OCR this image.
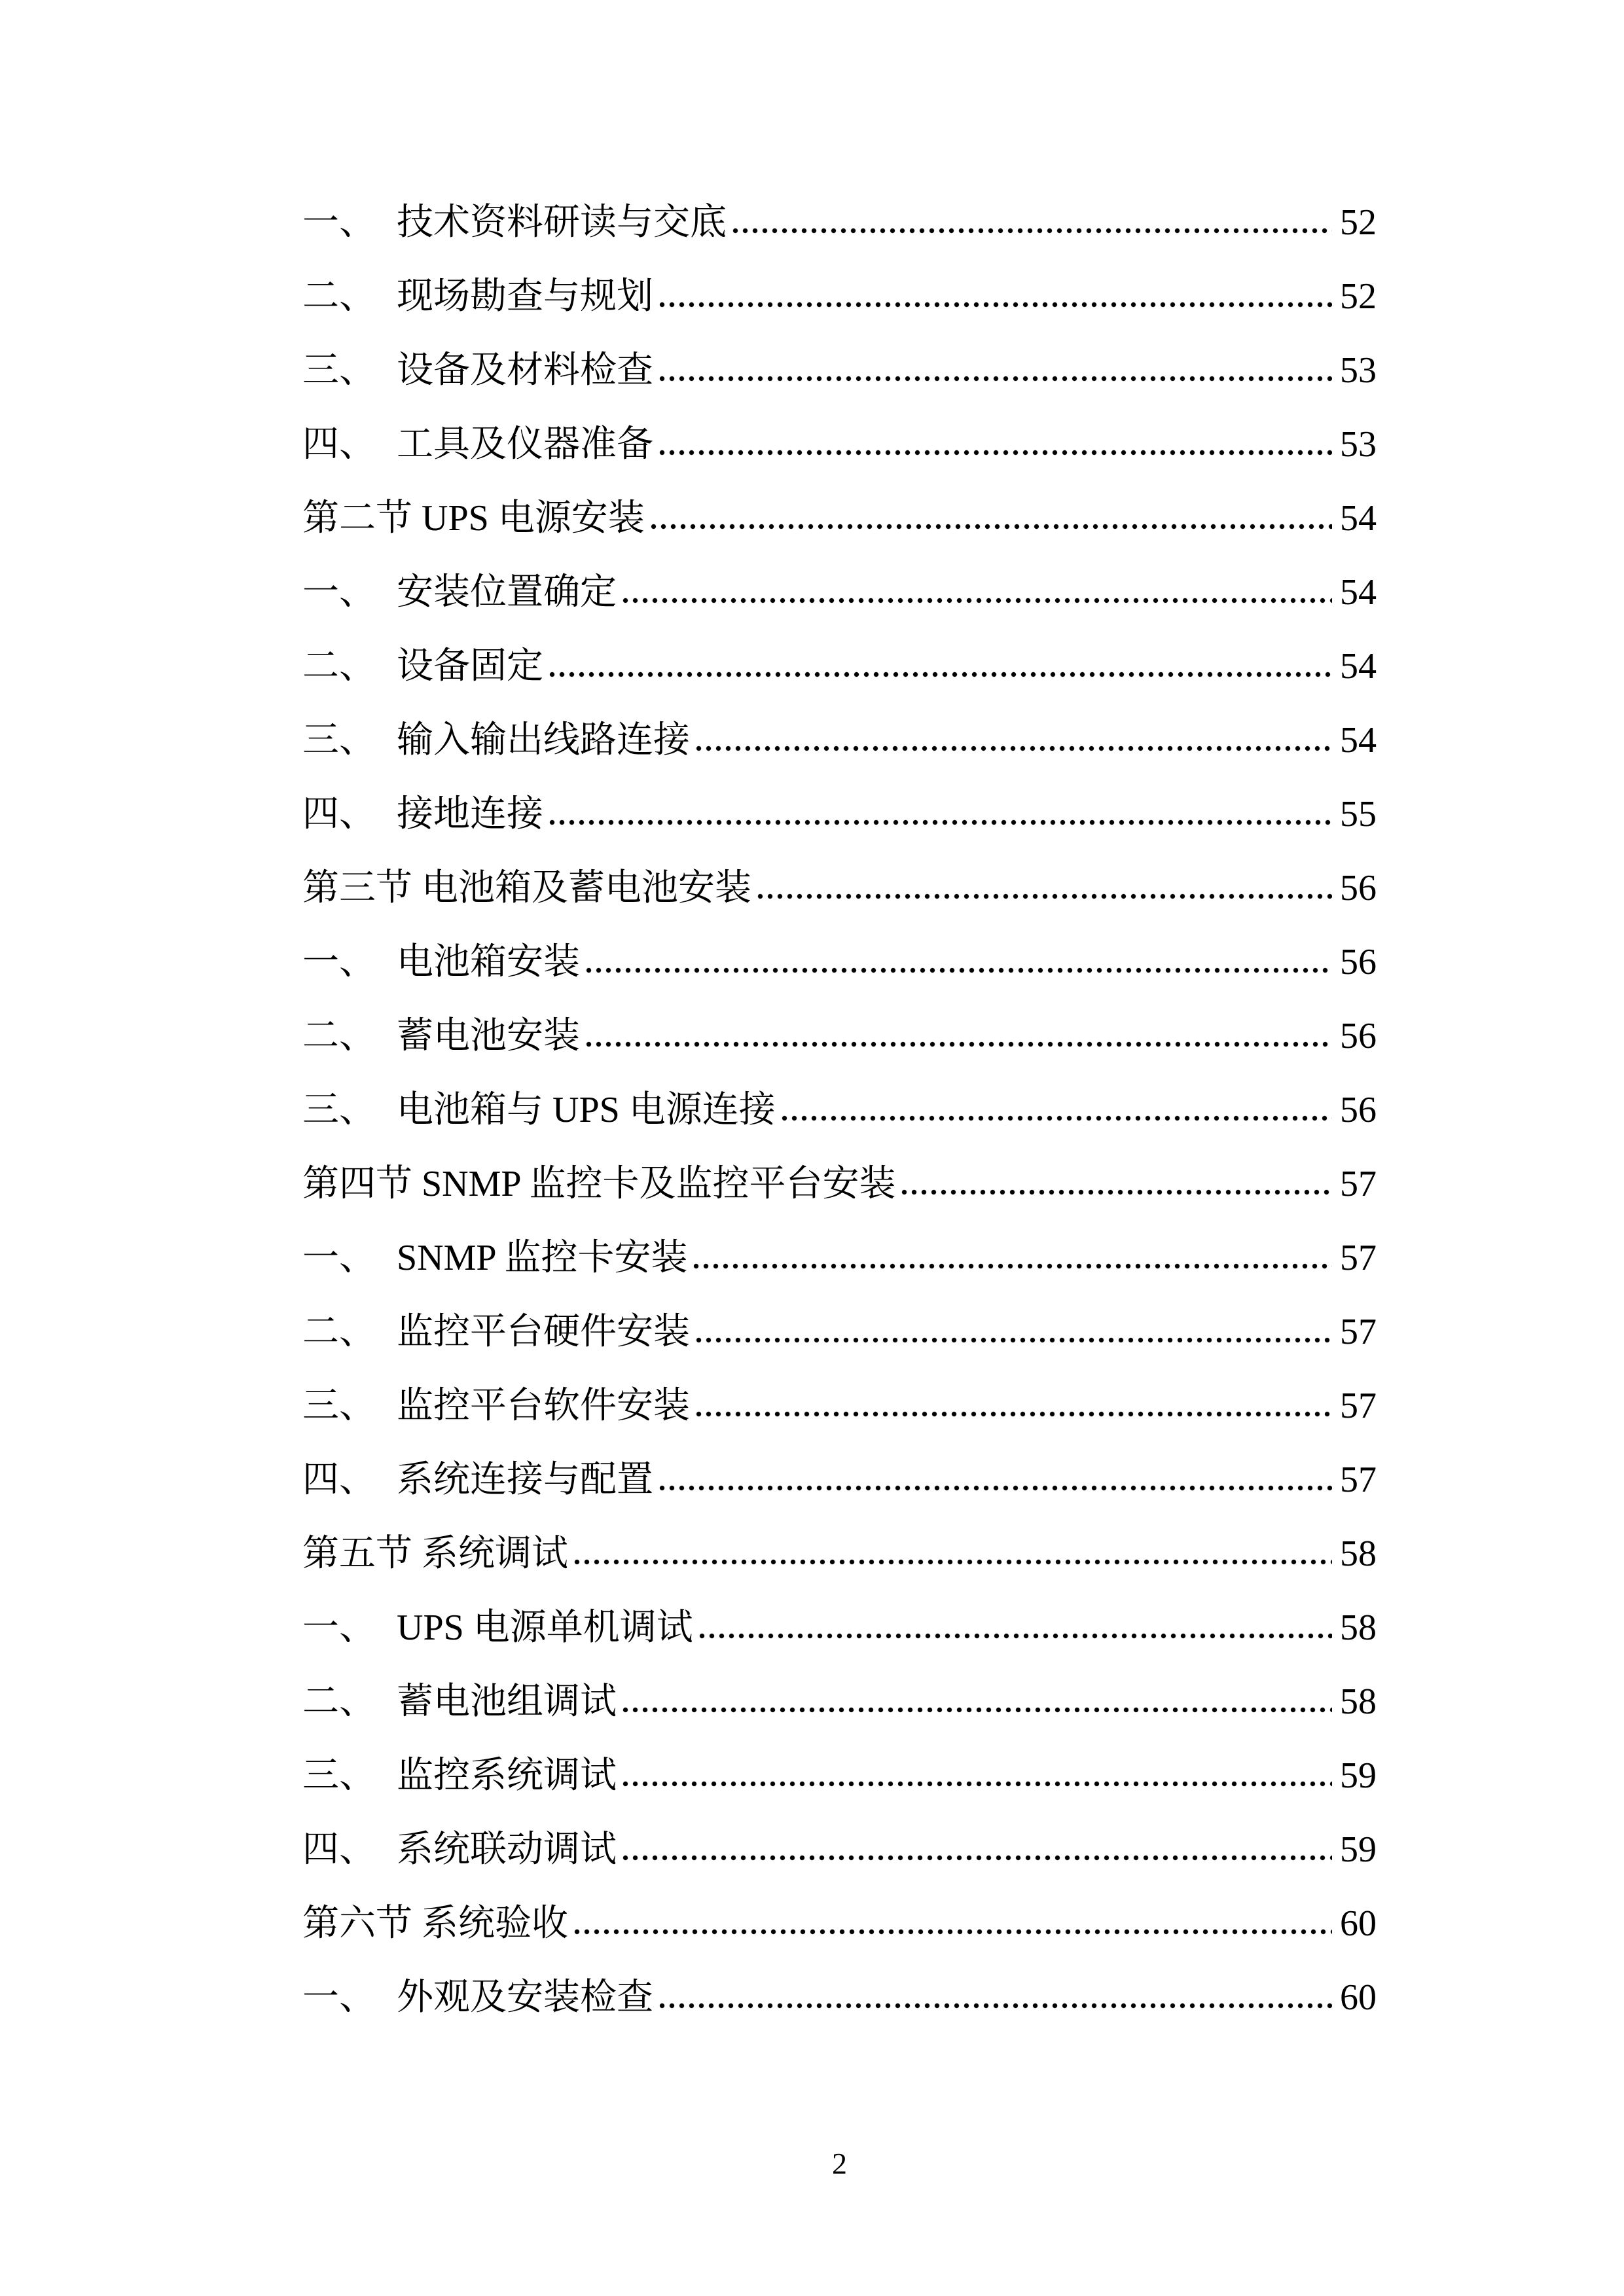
一、 技术资料研读与交底	52
二、 现场勘查与规划	52
三、 设备及材料检查	53
四、 工具及仪器准备	53
第二节 UPS 电源安装	54
一、 安装位置确定	54
二、 设备固定	54
三、 输入输出线路连接	54
四、 接地连接	55
第三节 电池箱及蓄电池安装	56
一、 电池箱安装	56
二、 蓄电池安装	56
三、 电池箱与 UPS 电源连接	56
第四节 SNMP 监控卡及监控平台安装	57
一、 SNMP 监控卡安装	57
二、 监控平台硬件安装	57
三、 监控平台软件安装	57
四、 系统连接与配置	57
第五节 系统调试	58
一、 UPS 电源单机调试	58
二、 蓄电池组调试	58
三、 监控系统调试	59
四、 系统联动调试	59
第六节 系统验收	60
一、 外观及安装检查	60
2
